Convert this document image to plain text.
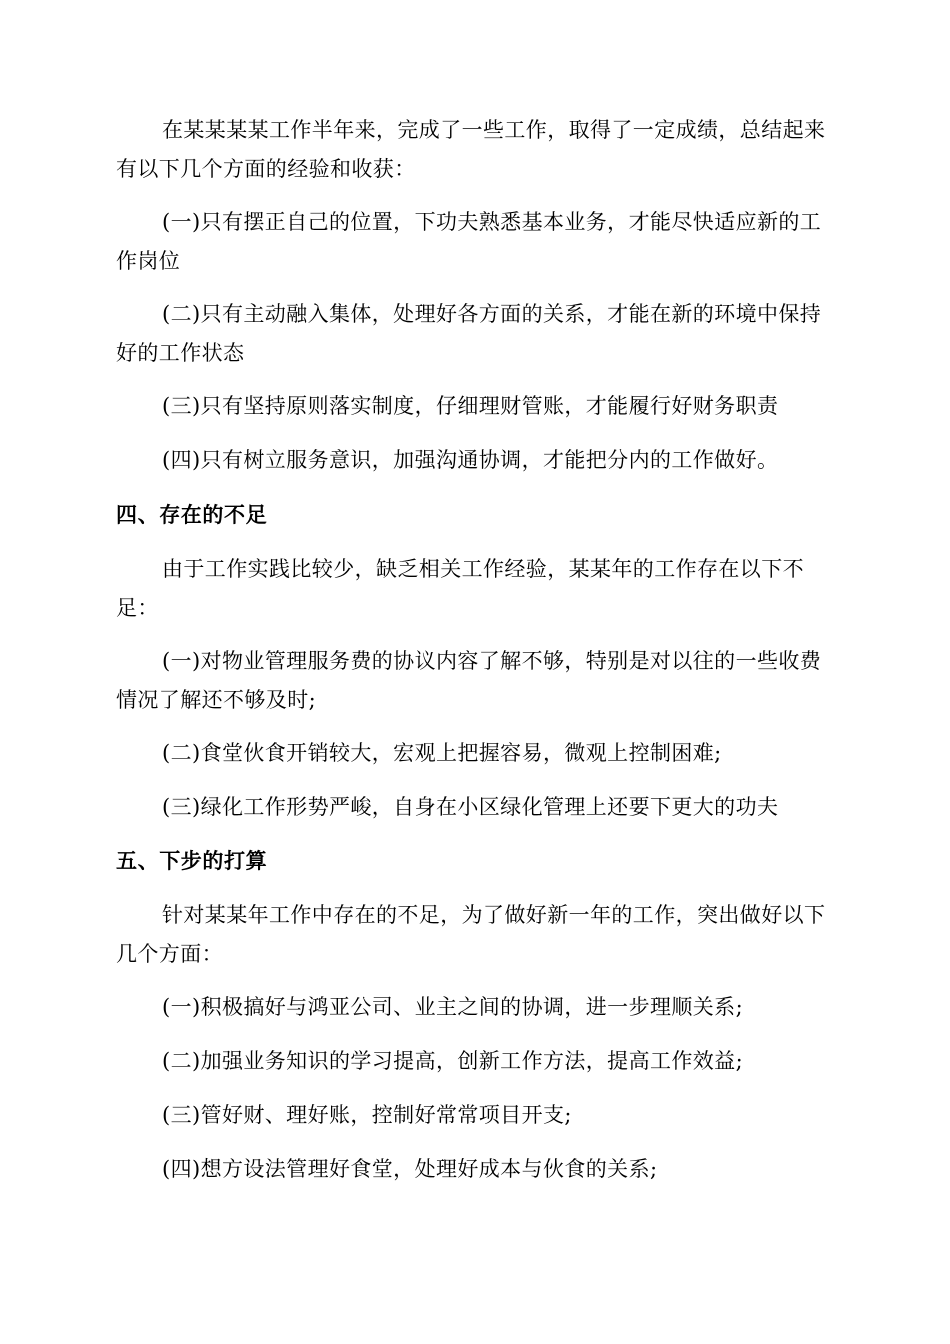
在某某某某工作半年来，完成了一些工作，取得了一定成绩，总结起来有以下几个方面的经验和收获：

(一)只有摆正自己的位置，下功夫熟悉基本业务，才能尽快适应新的工作岗位

(二)只有主动融入集体，处理好各方面的关系，才能在新的环境中保持好的工作状态

(三)只有坚持原则落实制度，仔细理财管账，才能履行好财务职责

(四)只有树立服务意识，加强沟通协调，才能把分内的工作做好。

四、存在的不足

由于工作实践比较少，缺乏相关工作经验，某某年的工作存在以下不足：

(一)对物业管理服务费的协议内容了解不够，特别是对以往的一些收费情况了解还不够及时;

(二)食堂伙食开销较大，宏观上把握容易，微观上控制困难;

(三)绿化工作形势严峻，自身在小区绿化管理上还要下更大的功夫

五、下步的打算

针对某某年工作中存在的不足，为了做好新一年的工作，突出做好以下几个方面：

(一)积极搞好与鸿亚公司、业主之间的协调，进一步理顺关系;

(二)加强业务知识的学习提高，创新工作方法，提高工作效益;

(三)管好财、理好账，控制好常常项目开支;

(四)想方设法管理好食堂，处理好成本与伙食的关系;
